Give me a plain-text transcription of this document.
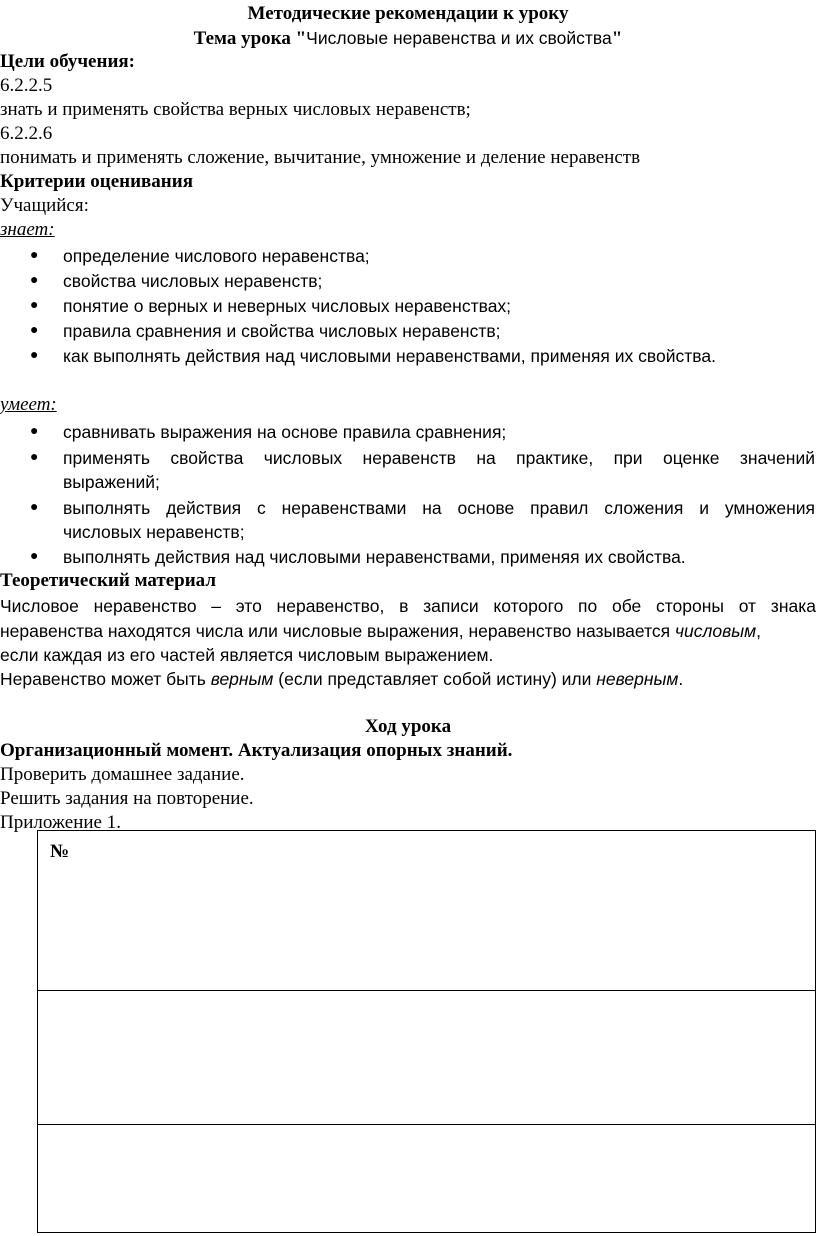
Методические рекомендации к уроку
Тема урока "Числовые неравенства и их свойства"
Цели обучения:
6.2.2.5
знать и применять свойства верных числовых неравенств;
6.2.2.6
понимать и применять сложение, вычитание, умножение и деление неравенств
Критерии оценивания
Учащийся:
знает:
● определение числового неравенства;
● свойства числовых неравенств;
● понятие о верных и неверных числовых неравенствах;
● правила сравнения и свойства числовых неравенств;
● как выполнять действия над числовыми неравенствами, применяя их свойства.
умеет:
● сравнивать выражения на основе правила сравнения;
● применять свойства числовых неравенств на практике, при оценке значений
выражений;
● выполнять действия с неравенствами на основе правил сложения и умножения
числовых неравенств;
● выполнять действия над числовыми неравенствами, применяя их свойства.
Теоретический материал
Числовое неравенство – это неравенство, в записи которого по обе стороны от знака
неравенства находятся числа или числовые выражения, неравенство называется числовым,
если каждая из его частей является числовым выражением.
Неравенство может быть верным (если представляет собой истину) или неверным.
Ход урока
Организационный момент. Актуализация опорных знаний.
Проверить домашнее задание.
Решить задания на повторение.
Приложение 1.
№
